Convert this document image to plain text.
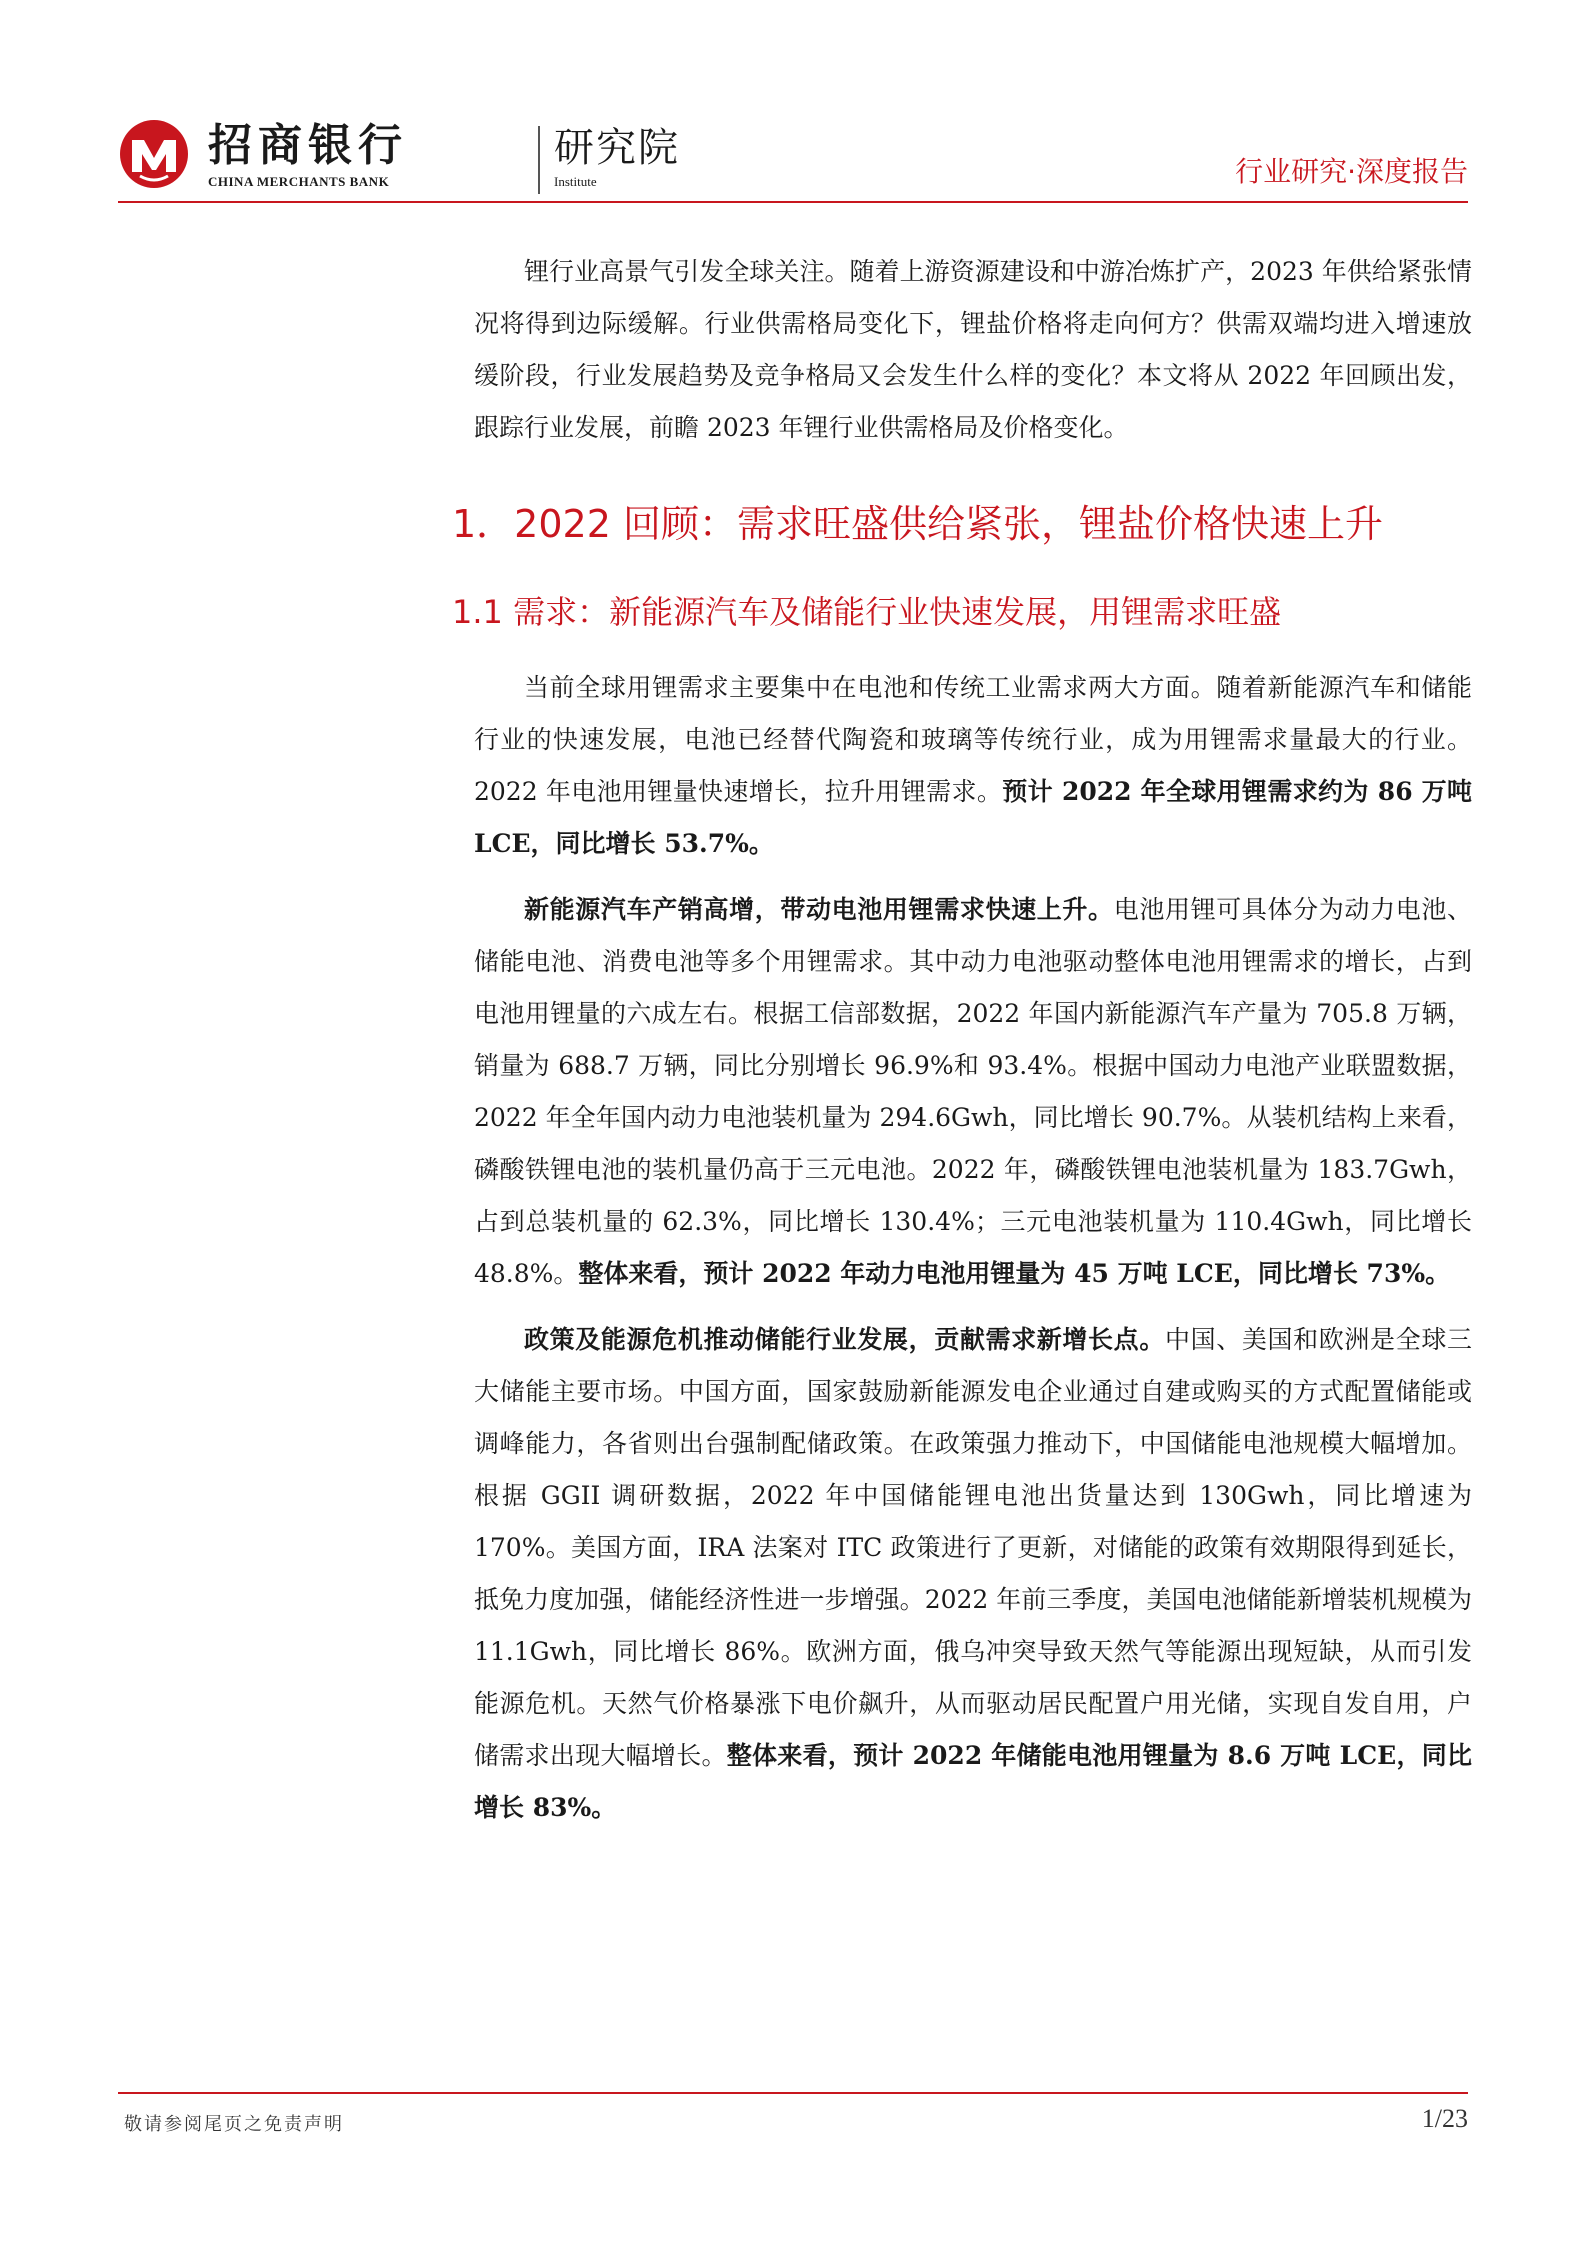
招商银行
CHINA MERCHANTS BANK
研究院
Institute	行业研究·深度报告

锂行业高景气引发全球关注。随着上游资源建设和中游冶炼扩产，2023 年供给紧张情况将得到边际缓解。行业供需格局变化下，锂盐价格将走向何方？供需双端均进入增速放缓阶段，行业发展趋势及竞争格局又会发生什么样的变化？本文将从 2022 年回顾出发，跟踪行业发展，前瞻 2023 年锂行业供需格局及价格变化。

1．2022 回顾：需求旺盛供给紧张，锂盐价格快速上升
1.1 需求：新能源汽车及储能行业快速发展，用锂需求旺盛

当前全球用锂需求主要集中在电池和传统工业需求两大方面。随着新能源汽车和储能行业的快速发展，电池已经替代陶瓷和玻璃等传统行业，成为用锂需求量最大的行业。2022 年电池用锂量快速增长，拉升用锂需求。预计 2022 年全球用锂需求约为 86 万吨 LCE，同比增长 53.7%。

新能源汽车产销高增，带动电池用锂需求快速上升。电池用锂可具体分为动力电池、储能电池、消费电池等多个用锂需求。其中动力电池驱动整体电池用锂需求的增长，占到电池用锂量的六成左右。根据工信部数据，2022 年国内新能源汽车产量为 705.8 万辆，销量为 688.7 万辆，同比分别增长 96.9%和 93.4%。根据中国动力电池产业联盟数据，2022 年全年国内动力电池装机量为 294.6Gwh，同比增长 90.7%。从装机结构上来看，磷酸铁锂电池的装机量仍高于三元电池。2022 年，磷酸铁锂电池装机量为 183.7Gwh，占到总装机量的 62.3%，同比增长 130.4%；三元电池装机量为 110.4Gwh，同比增长 48.8%。整体来看，预计 2022 年动力电池用锂量为 45 万吨 LCE，同比增长 73%。

政策及能源危机推动储能行业发展，贡献需求新增长点。中国、美国和欧洲是全球三大储能主要市场。中国方面，国家鼓励新能源发电企业通过自建或购买的方式配置储能或调峰能力，各省则出台强制配储政策。在政策强力推动下，中国储能电池规模大幅增加。根据 GGII 调研数据，2022 年中国储能锂电池出货量达到 130Gwh，同比增速为 170%。美国方面，IRA 法案对 ITC 政策进行了更新，对储能的政策有效期限得到延长，抵免力度加强，储能经济性进一步增强。2022 年前三季度，美国电池储能新增装机规模为 11.1Gwh，同比增长 86%。欧洲方面，俄乌冲突导致天然气等能源出现短缺，从而引发能源危机。天然气价格暴涨下电价飙升，从而驱动居民配置户用光储，实现自发自用，户储需求出现大幅增长。整体来看，预计 2022 年储能电池用锂量为 8.6 万吨 LCE，同比增长 83%。

敬请参阅尾页之免责声明	1/23
